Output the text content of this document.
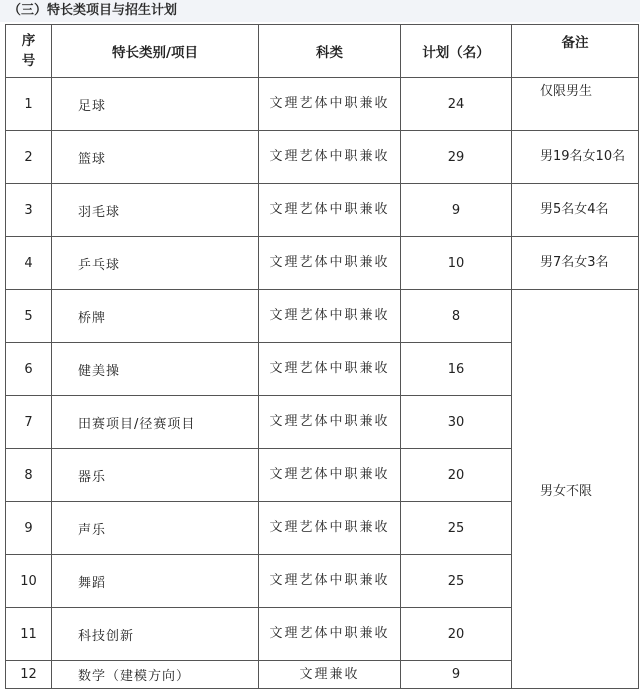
（三）特长类项目与招生计划
序
号	特长类别/项目	科类	计划（名）	备注
1	足球	文理艺体中职兼收	24	仅限男生
2	篮球	文理艺体中职兼收	29	男19名女10名
3	羽毛球	文理艺体中职兼收	9	男5名女4名
4	乒乓球	文理艺体中职兼收	10	男7名女3名
5	桥牌	文理艺体中职兼收	8	男女不限
6	健美操	文理艺体中职兼收	16	
7	田赛项目/径赛项目	文理艺体中职兼收	30	
8	器乐	文理艺体中职兼收	20	
9	声乐	文理艺体中职兼收	25	
10	舞蹈	文理艺体中职兼收	25	
11	科技创新	文理艺体中职兼收	20	
12	数学（建模方向）	文理兼收	9	
